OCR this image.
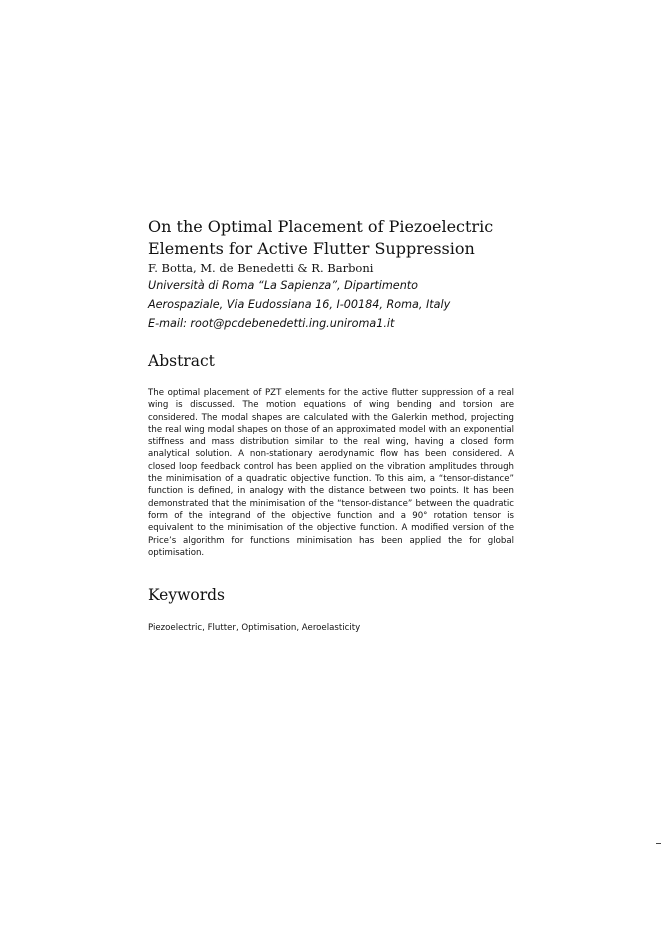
On the Optimal Placement of Piezoelectric Elements for Active Flutter Suppression

F. Botta, M. de Benedetti & R. Barboni

Università di Roma “La Sapienza”, Dipartimento
Aerospaziale, Via Eudossiana 16, I-00184, Roma, Italy
E-mail: root@pcdebenedetti.ing.uniroma1.it
Abstract

The optimal placement of PZT elements for the active flutter suppression of a real wing is discussed. The motion equations of wing bending and torsion are considered. The modal shapes are calculated with the Galerkin method, projecting the real wing modal shapes on those of an approximated model with an exponential stiffness and mass distribution similar to the real wing, having a closed form analytical solution. A non-stationary aerodynamic flow has been considered. A closed loop feedback control has been applied on the vibration amplitudes through the minimisation of a quadratic objective function. To this aim, a “tensor-distance” function is defined, in analogy with the distance between two points. It has been demonstrated that the minimisation of the “tensor-distance” between the quadratic form of the integrand of the objective function and a 90° rotation tensor is equivalent to the minimisation of the objective function. A modified version of the Price’s algorithm for functions minimisation has been applied the for global optimisation.

Keywords

Piezoelectric, Flutter, Optimisation, Aeroelasticity
